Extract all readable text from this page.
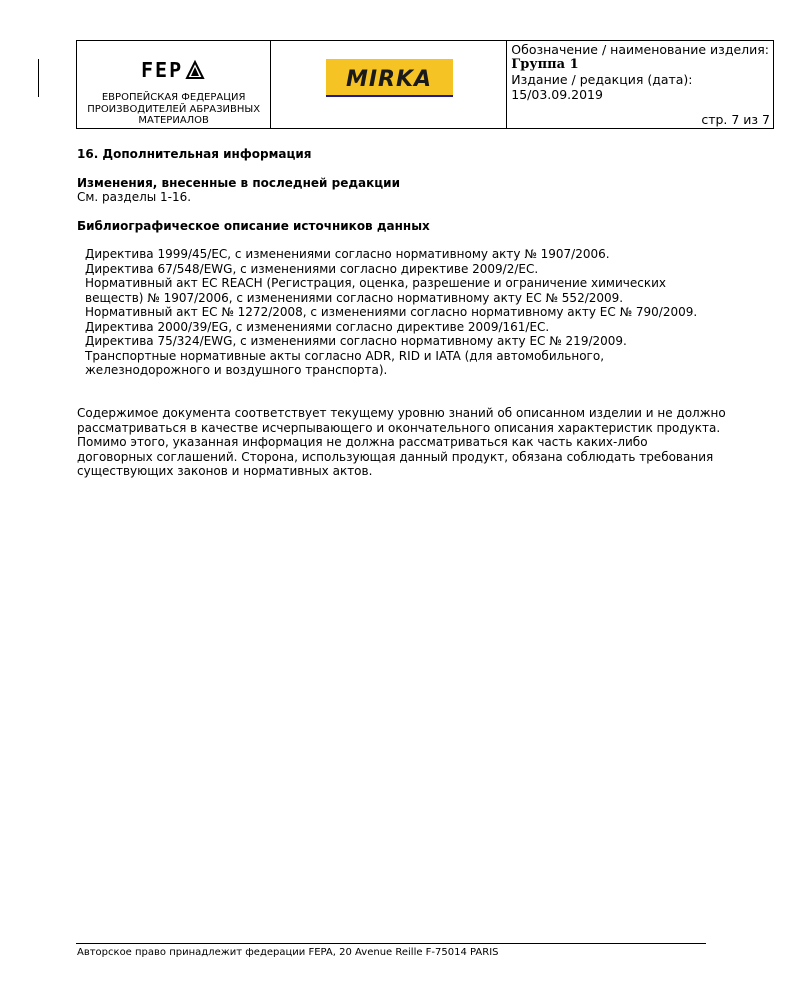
FEP
ЕВРОПЕЙСКАЯ ФЕДЕРАЦИЯ
ПРОИЗВОДИТЕЛЕЙ АБРАЗИВНЫХ
МАТЕРИАЛОВ
MIRKA
Обозначение / наименование изделия:
Группа 1
Издание / редакция (дата):
15/03.09.2019
стр. 7 из 7

16. Дополнительная информация

Изменения, внесенные в последней редакции

См. разделы 1-16.

Библиографическое описание источников данных

Директива 1999/45/EC, с изменениями согласно нормативному акту № 1907/2006.
Директива 67/548/EWG, с изменениями согласно директиве 2009/2/EC.
Нормативный акт EC REACH (Регистрация, оценка, разрешение и ограничение химических
веществ) № 1907/2006, с изменениями согласно нормативному акту EC № 552/2009.
Нормативный акт EC № 1272/2008, с изменениями согласно нормативному акту EC № 790/2009.
Директива 2000/39/EG, с изменениями согласно директиве 2009/161/EC.
Директива 75/324/EWG, с изменениями согласно нормативному акту EC № 219/2009.
Транспортные нормативные акты согласно ADR, RID и IATA (для автомобильного,
железнодорожного и воздушного транспорта).
Содержимое документа соответствует текущему уровню знаний об описанном изделии и не должно
рассматриваться в качестве исчерпывающего и окончательного описания характеристик продукта.
Помимо этого, указанная информация не должна рассматриваться как часть каких-либо
договорных соглашений. Сторона, использующая данный продукт, обязана соблюдать требования
существующих законов и нормативных актов.
Авторское право принадлежит федерации FEPA, 20 Avenue Reille F-75014 PARIS
